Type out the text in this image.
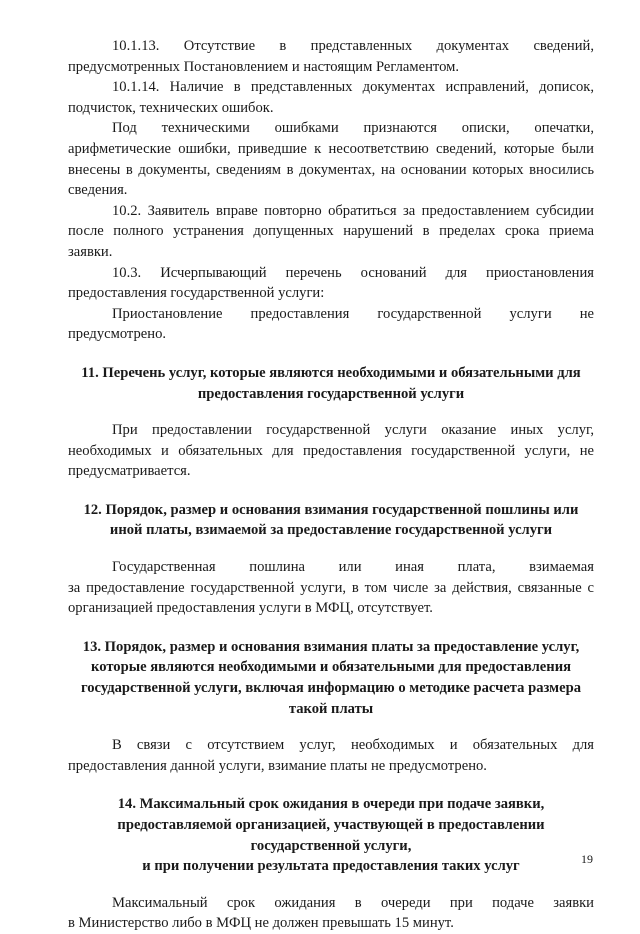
10.1.13. Отсутствие в представленных документах сведений, предусмотренных Постановлением и настоящим Регламентом.

10.1.14. Наличие в представленных документах исправлений, дописок, подчисток, технических ошибок.

Под техническими ошибками признаются описки, опечатки, арифметические ошибки, приведшие к несоответствию сведений, которые были внесены в документы, сведениям в документах, на основании которых вносились сведения.

10.2. Заявитель вправе повторно обратиться за предоставлением субсидии после полного устранения допущенных нарушений в пределах срока приема заявки.

10.3. Исчерпывающий перечень оснований для приостановления предоставления государственной услуги:

Приостановление предоставления государственной услуги не предусмотрено.

11. Перечень услуг, которые являются необходимыми и обязательными для
предоставления государственной услуги

При предоставлении государственной услуги оказание иных услуг, необходимых и обязательных для предоставления государственной услуги, не предусматривается.

12. Порядок, размер и основания взимания государственной пошлины или
иной платы, взимаемой за предоставление государственной услуги

Государственная пошлина или иная плата, взимаемая

за предоставление государственной услуги, в том числе за действия, связанные с организацией предоставления услуги в МФЦ, отсутствует.

13. Порядок, размер и основания взимания платы за предоставление услуг,
которые являются необходимыми и обязательными для предоставления
государственной услуги, включая информацию о методике расчета размера
такой платы

В связи с отсутствием услуг, необходимых и обязательных для предоставления данной услуги, взимание платы не предусмотрено.

14. Максимальный срок ожидания в очереди при подаче заявки,
предоставляемой организацией, участвующей в предоставлении
государственной услуги,
и при получении результата предоставления таких услуг

Максимальный срок ожидания в очереди при подаче заявки

в Министерство либо в МФЦ не должен превышать 15 минут.

19
